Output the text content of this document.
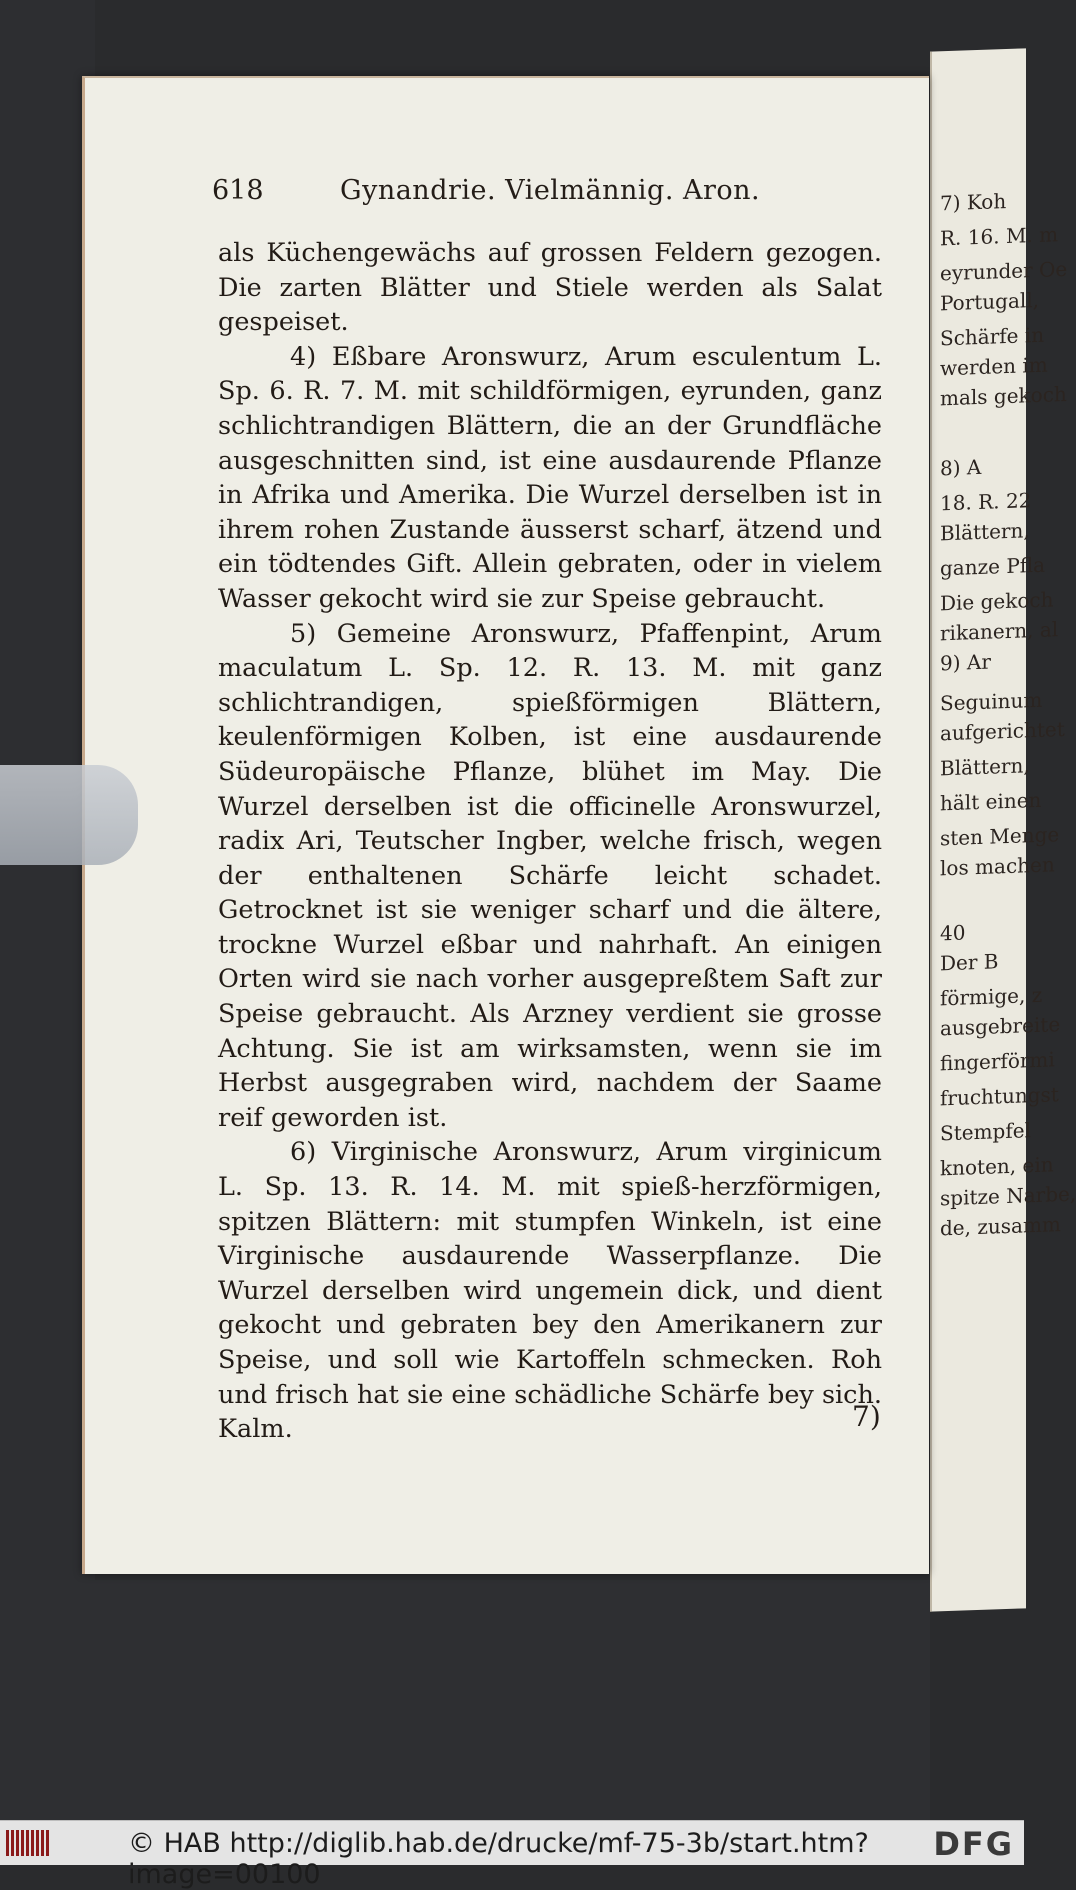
7) Koh
R. 16. M. m
eyrunder Oe
Portugall,
Schärfe in
werden im
mals gekoch
8) A
18. R. 22
Blättern,
ganze Pfla
Die gekoch
rikanern, al
9) Ar
Seguinum
aufgerichtet
Blättern,
hält einen
sten Menge
los machen
40
Der B
förmige, z
ausgebreite
fingerförmi
fruchtungst
Stempfel
knoten, ein
spitze Narbe,
de, zusamm
618	Gynandrie. Vielmännig. Aron.

als Küchengewächs auf grossen Feldern gezogen. Die zarten Blätter und Stiele werden als Salat gespeiset.

4) Eßbare Aronswurz, Arum esculentum L. Sp. 6. R. 7. M. mit schildförmigen, eyrunden, ganz schlichtrandigen Blättern, die an der Grundfläche ausgeschnitten sind, ist eine ausdaurende Pflanze in Afrika und Amerika. Die Wurzel derselben ist in ihrem rohen Zustande äusserst scharf, ätzend und ein tödtendes Gift. Allein gebraten, oder in vielem Wasser gekocht wird sie zur Speise gebraucht.

5) Gemeine Aronswurz, Pfaffenpint, Arum maculatum L. Sp. 12. R. 13. M. mit ganz schlichtrandigen, spießförmigen Blättern, keulenförmigen Kolben, ist eine ausdaurende Südeuropäische Pflanze, blühet im May. Die Wurzel derselben ist die officinelle Aronswurzel, radix Ari, Teutscher Ingber, welche frisch, wegen der enthaltenen Schärfe leicht schadet. Getrocknet ist sie weniger scharf und die ältere, trockne Wurzel eßbar und nahrhaft. An einigen Orten wird sie nach vorher ausgepreßtem Saft zur Speise gebraucht. Als Arzney verdient sie grosse Achtung. Sie ist am wirksamsten, wenn sie im Herbst ausgegraben wird, nachdem der Saame reif geworden ist.

6) Virginische Aronswurz, Arum virginicum L. Sp. 13. R. 14. M. mit spieß-herzförmigen, spitzen Blättern: mit stumpfen Winkeln, ist eine Virginische ausdaurende Wasserpflanze. Die Wurzel derselben wird ungemein dick, und dient gekocht und gebraten bey den Amerikanern zur Speise, und soll wie Kartoffeln schmecken. Roh und frisch hat sie eine schädliche Schärfe bey sich. Kalm.	7)
© HAB http://diglib.hab.de/drucke/mf-75-3b/start.htm?image=00100
DFG
